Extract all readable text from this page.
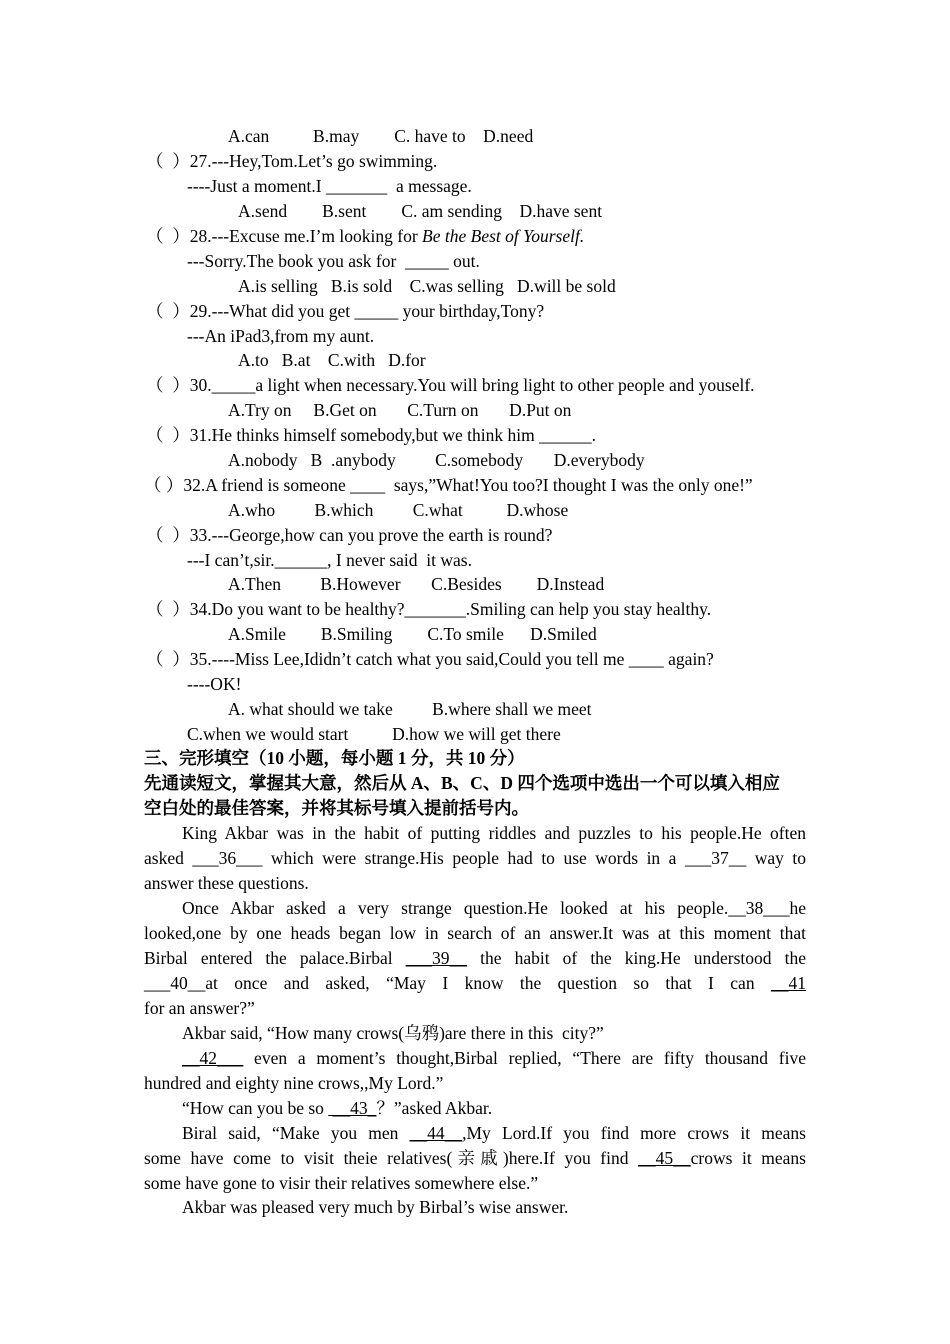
A.can          B.may        C. have to    D.need
（  ）27.---Hey,Tom.Let’s go swimming.
----Just a moment.I _______  a message.
A.send        B.sent        C. am sending    D.have sent
（  ）28.---Excuse me.I’m looking for Be the Best of Yourself.
---Sorry.The book you ask for  _____ out.
A.is selling   B.is sold    C.was selling   D.will be sold
（  ）29.---What did you get _____ your birthday,Tony?
---An iPad3,from my aunt.
A.to   B.at    C.with   D.for
（  ）30._____a light when necessary.You will bring light to other people and youself.
A.Try on     B.Get on       C.Turn on       D.Put on
（  ）31.He thinks himself somebody,but we think him ______.
A.nobody   B  .anybody         C.somebody       D.everybody
（ ）32.A friend is someone ____  says,”What!You too?I thought I was the only one!”
A.who         B.which         C.what          D.whose
（  ）33.---George,how can you prove the earth is round?
---I can’t,sir.______, I never said  it was.
A.Then         B.However       C.Besides        D.Instead
（  ）34.Do you want to be healthy?_______.Smiling can help you stay healthy.
A.Smile        B.Smiling        C.To smile      D.Smiled
（  ）35.----Miss Lee,Ididn’t catch what you said,Could you tell me ____ again?
----OK!
A. what should we take         B.where shall we meet
C.when we would start          D.how we will get there
三、完形填空（10 小题，每小题 1 分，共 10 分）
先通读短文，掌握其大意，然后从 A、B、C、D 四个选项中选出一个可以填入相应
空白处的最佳答案，并将其标号填入提前括号内。
King Akbar was in the habit of putting riddles and puzzles to his people.He often
asked ___36___ which were strange.His people had to use words in a ___37__ way to
answer these questions.
Once Akbar asked a very strange question.He looked at his people.__38___he
looked,one by one heads began low in search of an answer.It was at this moment that
Birbal entered the palace.Birbal ___39__ the habit of the king.He understood the
___40__at once and asked, “May I know the question so that I can __41
for an answer?”
Akbar said, “How many crows(乌鸦)are there in this  city?”
__42___ even a moment’s thought,Birbal replied, “There are fifty thousand five
hundred and eighty nine crows,,My Lord.”
“How can you be so  __43_？”asked Akbar.
Biral said, “Make you men __44__,My Lord.If you find more crows it means
some have come to visit theie relatives(亲戚)here.If you find __45__crows it means
some have gone to visir their relatives somewhere else.”
Akbar was pleased very much by Birbal’s wise answer.
